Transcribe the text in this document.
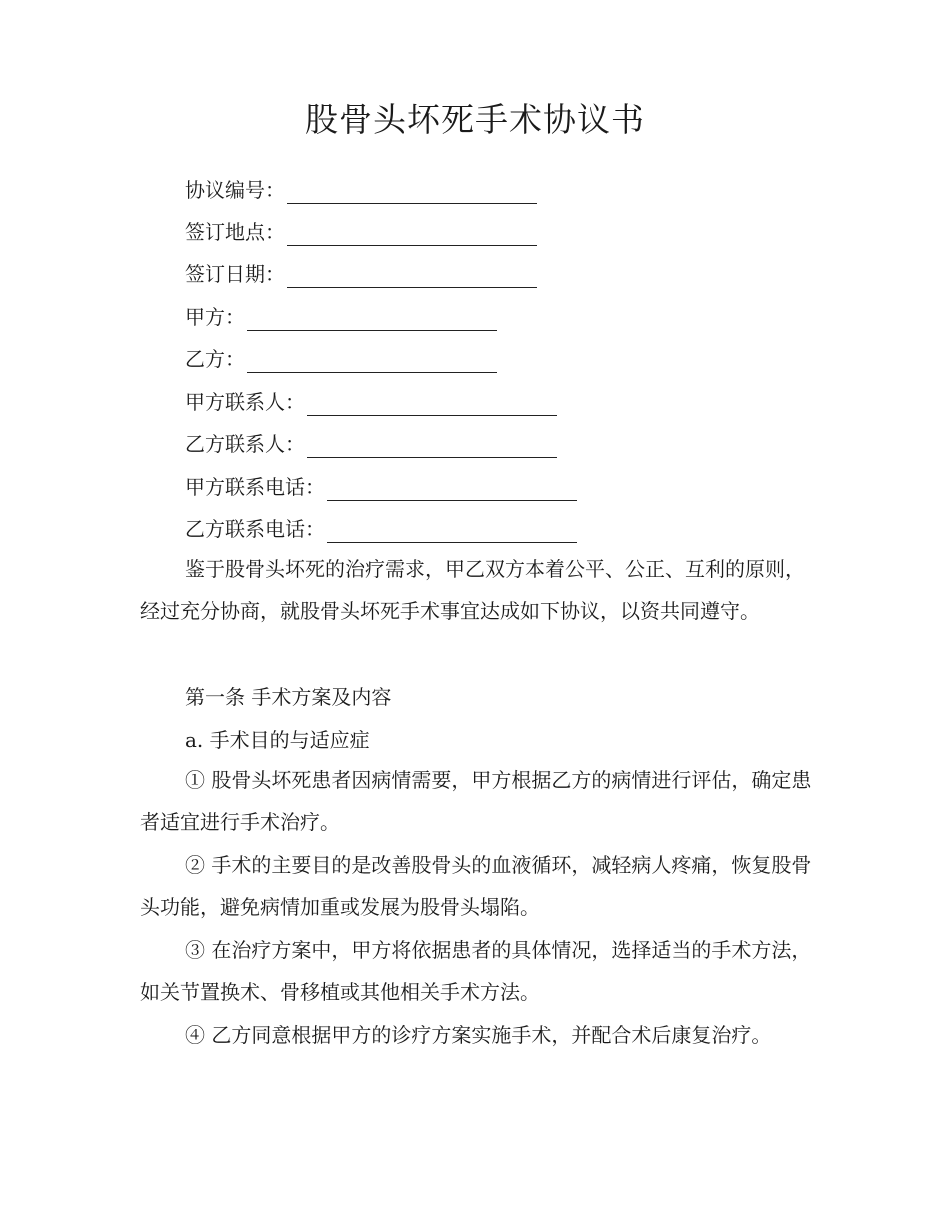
股骨头坏死手术协议书
协议编号：
签订地点：
签订日期：
甲方：
乙方：
甲方联系人：
乙方联系人：
甲方联系电话：
乙方联系电话：

鉴于股骨头坏死的治疗需求，甲乙双方本着公平、公正、互利的原则，经过充分协商，就股骨头坏死手术事宜达成如下协议，以资共同遵守。

第一条 手术方案及内容
a. 手术目的与适应症

① 股骨头坏死患者因病情需要，甲方根据乙方的病情进行评估，确定患者适宜进行手术治疗。

② 手术的主要目的是改善股骨头的血液循环，减轻病人疼痛，恢复股骨头功能，避免病情加重或发展为股骨头塌陷。

③ 在治疗方案中，甲方将依据患者的具体情况，选择适当的手术方法，如关节置换术、骨移植或其他相关手术方法。

④ 乙方同意根据甲方的诊疗方案实施手术，并配合术后康复治疗。
